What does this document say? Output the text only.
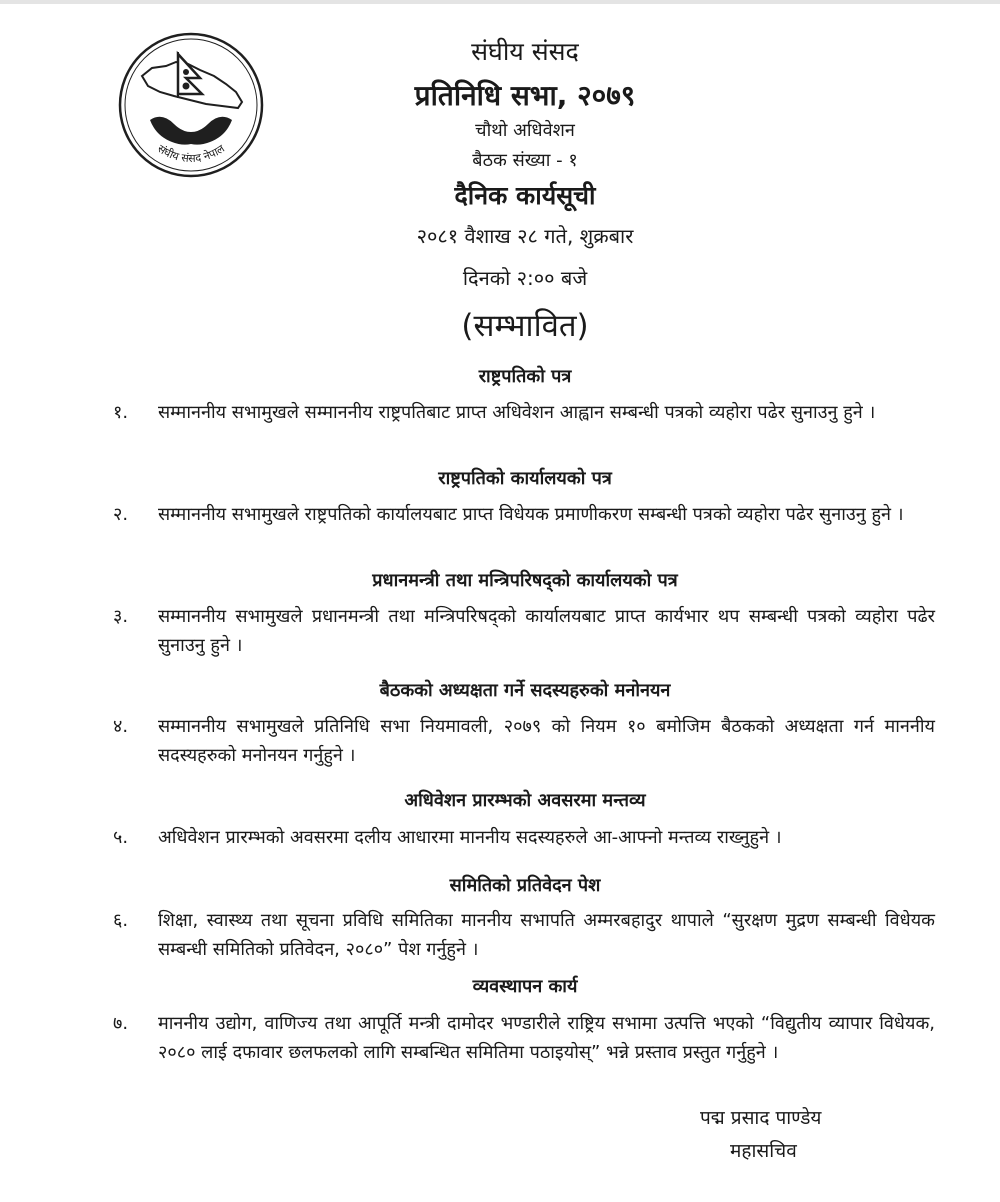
संघीय संसद नेपाल
संघीय संसद
प्रतिनिधि सभा, २०७९
चौथो अधिवेशन
बैठक संख्या - १
दैनिक कार्यसूची
२०८१ वैशाख २८ गते, शुक्रबार
दिनको २:०० बजे
(सम्भावित)
राष्ट्रपतिको पत्र
१. सम्माननीय सभामुखले सम्माननीय राष्ट्रपतिबाट प्राप्त अधिवेशन आह्वान सम्बन्धी पत्रको व्यहोरा पढेर सुनाउनु हुने ।
राष्ट्रपतिको कार्यालयको पत्र
२. सम्माननीय सभामुखले राष्ट्रपतिको कार्यालयबाट प्राप्त विधेयक प्रमाणीकरण सम्बन्धी पत्रको व्यहोरा पढेर सुनाउनु हुने ।
प्रधानमन्त्री तथा मन्त्रिपरिषद्को कार्यालयको पत्र
३. सम्माननीय सभामुखले प्रधानमन्त्री तथा मन्त्रिपरिषद्को कार्यालयबाट प्राप्त कार्यभार थप सम्बन्धी पत्रको व्यहोरा पढेर सुनाउनु हुने ।
बैठकको अध्यक्षता गर्ने सदस्यहरुको मनोनयन
४. सम्माननीय सभामुखले प्रतिनिधि सभा नियमावली, २०७९ को नियम १० बमोजिम बैठकको अध्यक्षता गर्न माननीय सदस्यहरुको मनोनयन गर्नुहुने ।
अधिवेशन प्रारम्भको अवसरमा मन्तव्य
५. अधिवेशन प्रारम्भको अवसरमा दलीय आधारमा माननीय सदस्यहरुले आ-आफ्नो मन्तव्य राख्नुहुने ।
समितिको प्रतिवेदन पेश
६. शिक्षा, स्वास्थ्य तथा सूचना प्रविधि समितिका माननीय सभापति अम्मरबहादुर थापाले “सुरक्षण मुद्रण सम्बन्धी विधेयक सम्बन्धी समितिको प्रतिवेदन, २०८०” पेश गर्नुहुने ।
व्यवस्थापन कार्य
७. माननीय उद्योग, वाणिज्य तथा आपूर्ति मन्त्री दामोदर भण्डारीले राष्ट्रिय सभामा उत्पत्ति भएको “विद्युतीय व्यापार विधेयक, २०८० लाई दफावार छलफलको लागि सम्बन्धित समितिमा पठाइयोस्” भन्ने प्रस्ताव प्रस्तुत गर्नुहुने ।
पद्म प्रसाद पाण्डेय
महासचिव
